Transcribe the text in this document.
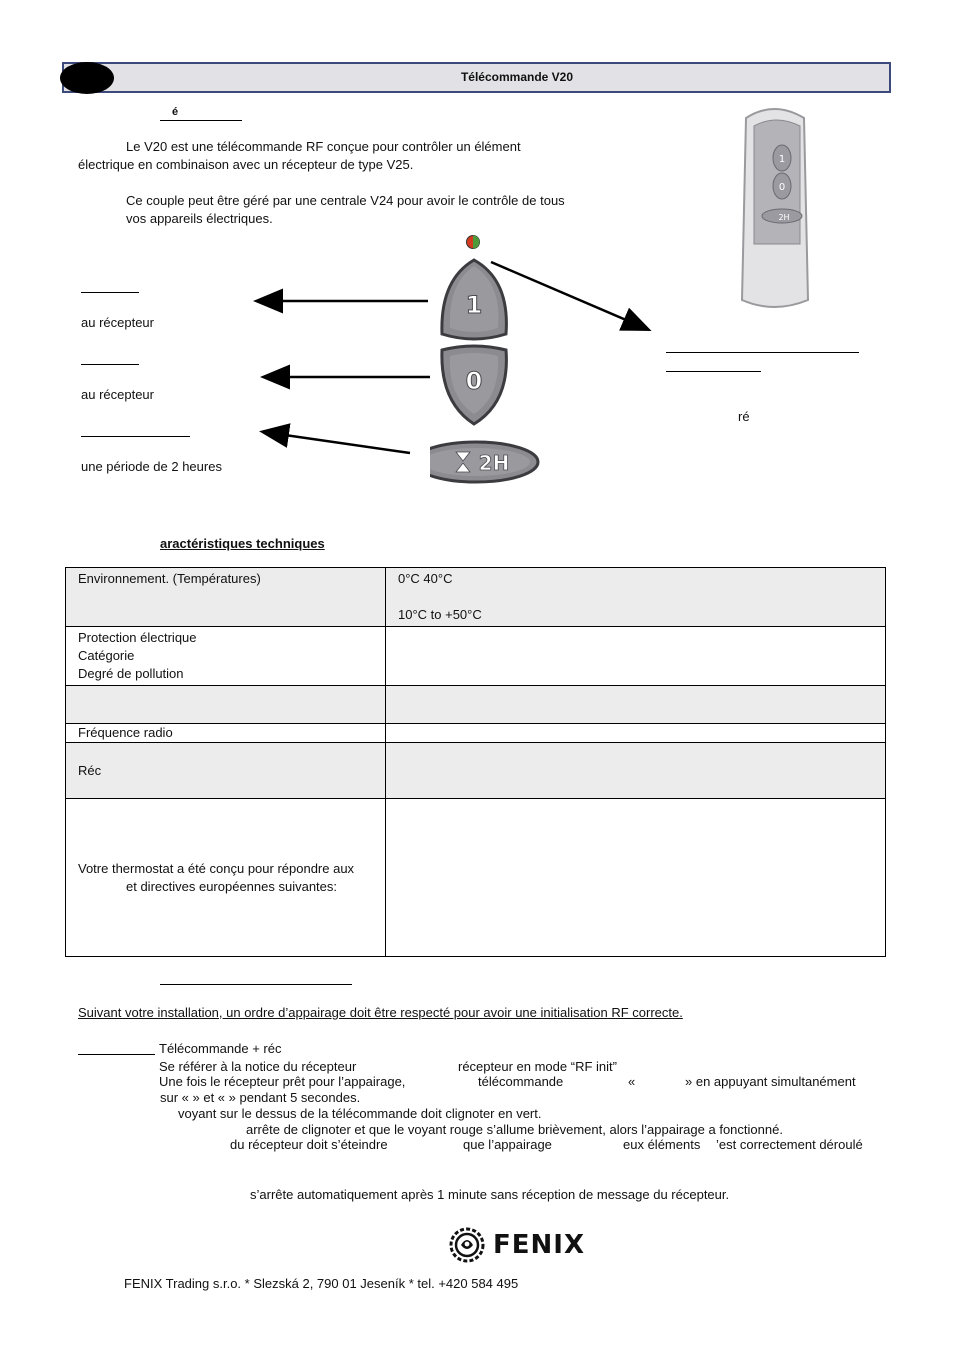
Télécommande V20
é
Le V20 est une télécommande RF conçue pour contrôler un élément
électrique en combinaison avec un récepteur de type V25.
Ce couple peut être géré par une centrale V24 pour avoir le contrôle de tous
vos appareils électriques.
1
0
2H
1
0
2H
au récepteur
au récepteur
une période de 2 heures
ré
aractéristiques techniques
Environnement. (Températures)	0°C 40°C
10°C to +50°C

Protection électrique
Catégorie
Degré de pollution	

Fréquence radio	

Réc	

Votre thermostat a été conçu pour répondre aux
et directives européennes suivantes:	

Suivant votre installation, un ordre d’appairage doit être respecté pour avoir une initialisation RF correcte.
Télécommande + réc
Se référer à la notice du récepteur	récepteur en mode “RF init”
Une fois le récepteur prêt pour l’appairage,	télécommande	«	» en appuyant simultanément
sur « » et « » pendant 5 secondes.
voyant sur le dessus de la télécommande doit clignoter en vert.
arrête de clignoter et que le voyant rouge s’allume brièvement, alors l’appairage a fonctionné.
du récepteur doit s’éteindre	que l’appairage	eux éléments ’est correctement déroulé
s’arrête automatiquement après 1 minute sans réception de message du récepteur.
FENIX
FENIX Trading s.r.o. * Slezská 2, 790 01 Jeseník * tel. +420 584 495
